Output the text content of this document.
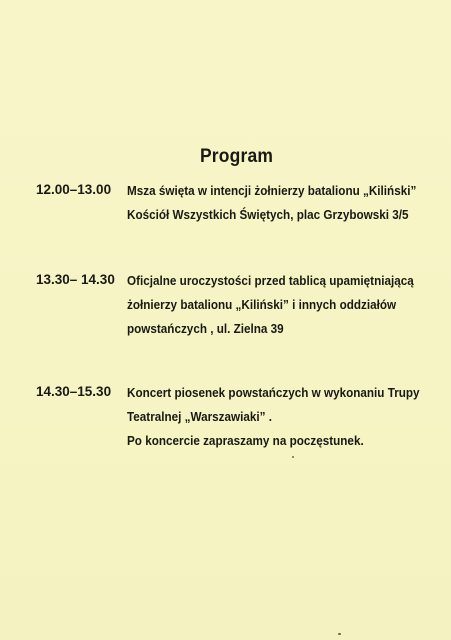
Program
12.00–13.00 Msza święta w intencji żołnierzy batalionu „Kiliński”
Kościół Wszystkich Świętych, plac Grzybowski 3/5
13.30– 14.30 Oficjalne uroczystości przed tablicą upamiętniającą
żołnierzy batalionu „Kiliński” i innych oddziałów
powstańczych , ul. Zielna 39
14.30–15.30 Koncert piosenek powstańczych w wykonaniu Trupy
Teatralnej „Warszawiaki” .
Po koncercie zapraszamy na poczęstunek.
